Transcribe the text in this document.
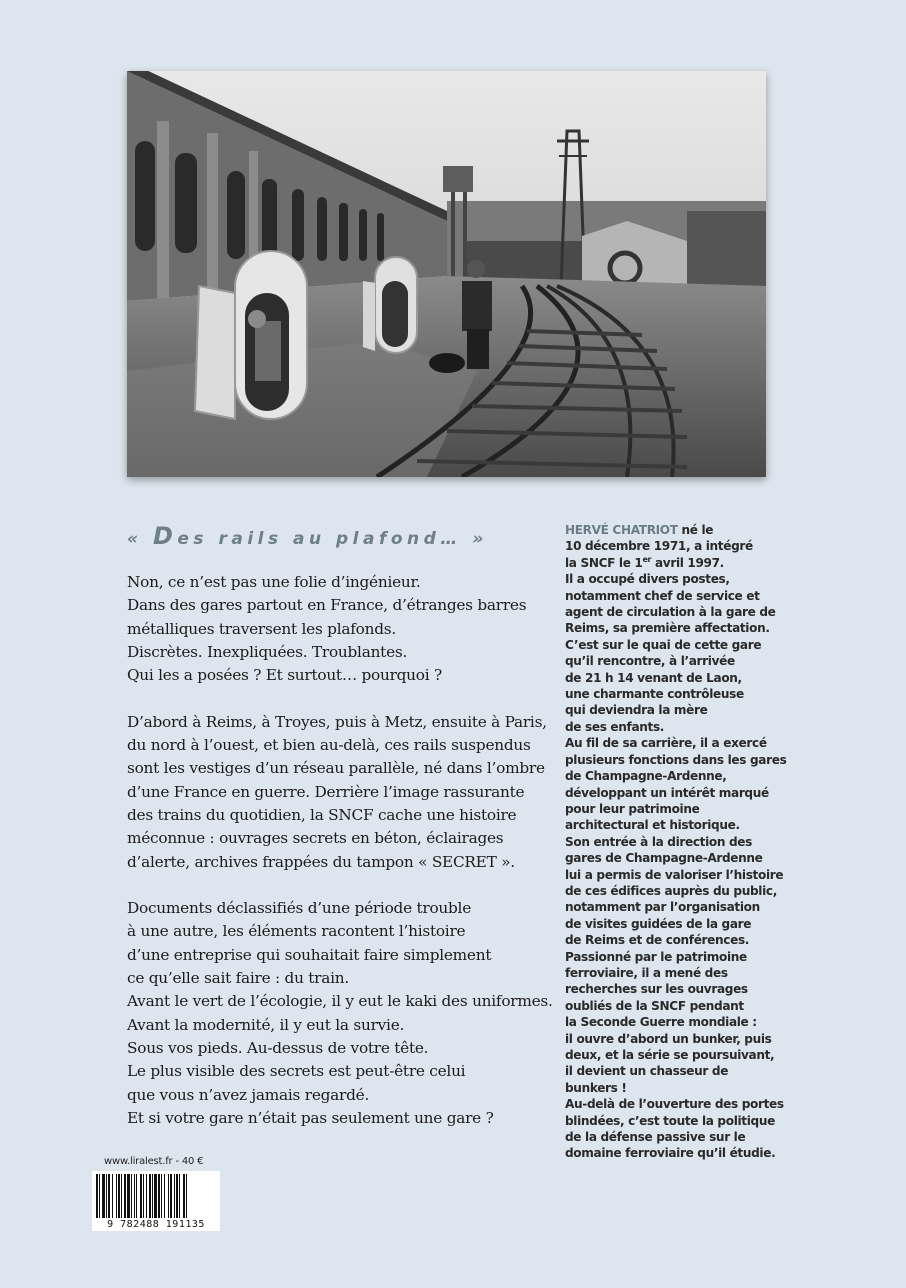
« Des rails au plafond… »

Non, ce n’est pas une folie d’ingénieur.
Dans des gares partout en France, d’étranges barres
métalliques traversent les plafonds.
Discrètes. Inexpliquées. Troublantes.
Qui les a posées ? Et surtout… pourquoi ?

D’abord à Reims, à Troyes, puis à Metz, ensuite à Paris,
du nord à l’ouest, et bien au-delà, ces rails suspendus
sont les vestiges d’un réseau parallèle, né dans l’ombre
d’une France en guerre. Derrière l’image rassurante
des trains du quotidien, la SNCF cache une histoire
méconnue : ouvrages secrets en béton, éclairages
d’alerte, archives frappées du tampon « SECRET ».

Documents déclassifiés d’une période trouble
à une autre, les éléments racontent l’histoire
d’une entreprise qui souhaitait faire simplement
ce qu’elle sait faire : du train.
Avant le vert de l’écologie, il y eut le kaki des uniformes.
Avant la modernité, il y eut la survie.
Sous vos pieds. Au-dessus de votre tête.
Le plus visible des secrets est peut-être celui
que vous n’avez jamais regardé.
Et si votre gare n’était pas seulement une gare ?

HERVÉ CHATRIOT né le
10 décembre 1971, a intégré
la SNCF le 1er avril 1997.
Il a occupé divers postes,
notamment chef de service et
agent de circulation à la gare de
Reims, sa première affectation.
C’est sur le quai de cette gare
qu’il rencontre, à l’arrivée
de 21 h 14 venant de Laon,
une charmante contrôleuse
qui deviendra la mère
de ses enfants.
Au fil de sa carrière, il a exercé
plusieurs fonctions dans les gares
de Champagne-Ardenne,
développant un intérêt marqué
pour leur patrimoine
architectural et historique.
Son entrée à la direction des
gares de Champagne-Ardenne
lui a permis de valoriser l’histoire
de ces édifices auprès du public,
notamment par l’organisation
de visites guidées de la gare
de Reims et de conférences.
Passionné par le patrimoine
ferroviaire, il a mené des
recherches sur les ouvrages
oubliés de la SNCF pendant
la Seconde Guerre mondiale :
il ouvre d’abord un bunker, puis
deux, et la série se poursuivant,
il devient un chasseur de
bunkers !
Au-delà de l’ouverture des portes
blindées, c’est toute la politique
de la défense passive sur le
domaine ferroviaire qu’il étudie.
www.liralest.fr - 40 €
9 782488 191135
